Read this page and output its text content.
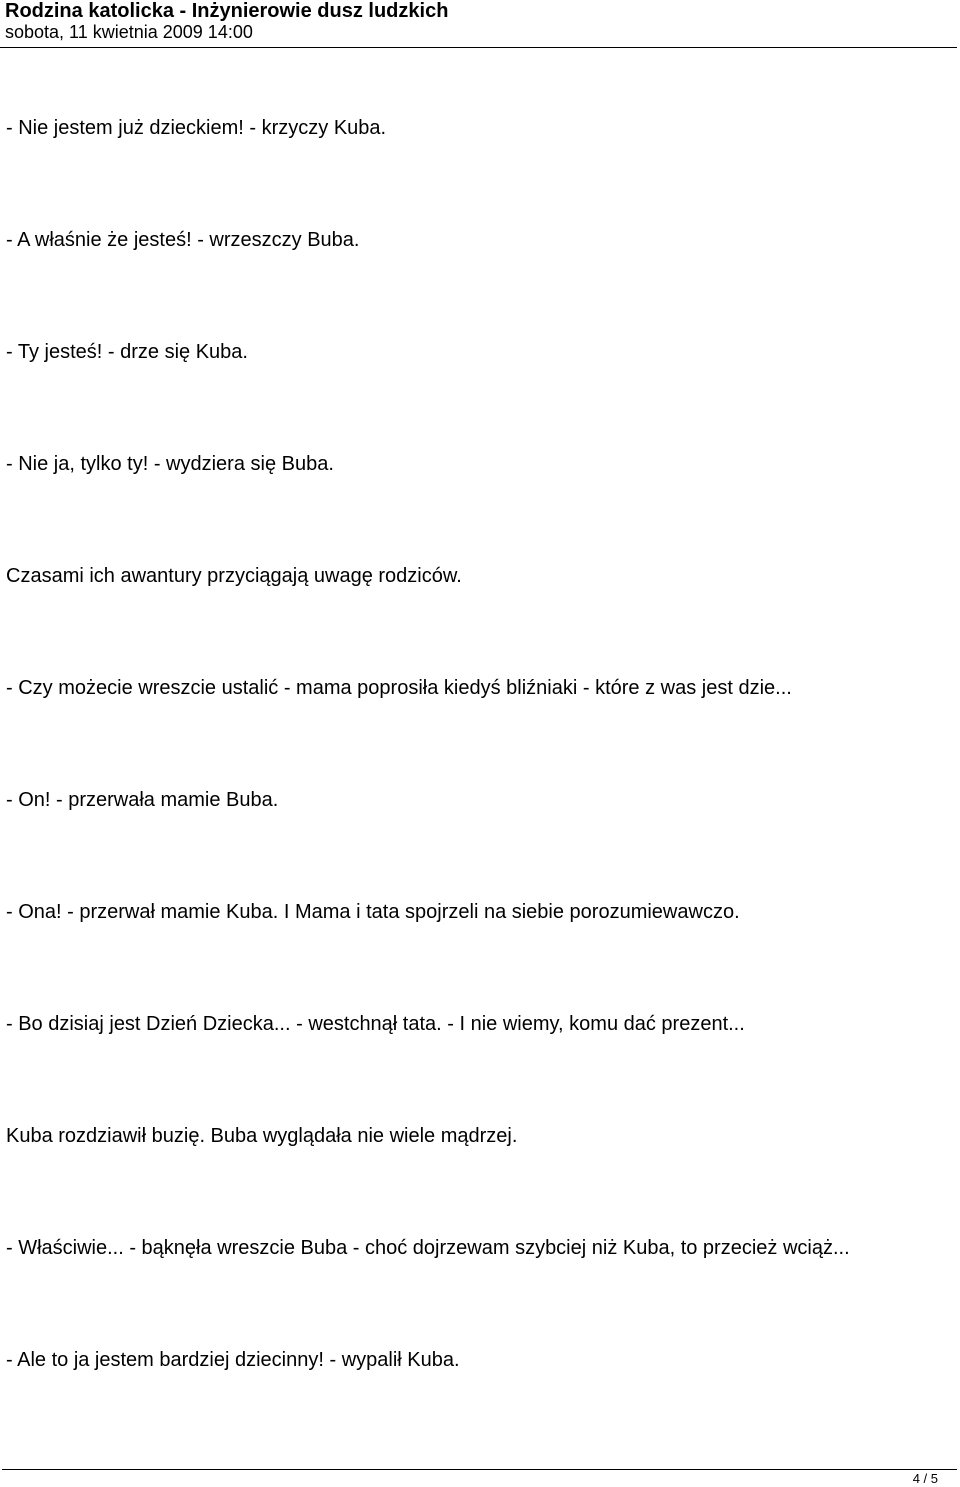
Rodzina katolicka - Inżynierowie dusz ludzkich
sobota, 11 kwietnia 2009 14:00

- Nie jestem już dzieckiem! - krzyczy Kuba.

- A właśnie że jesteś! - wrzeszczy Buba.

- Ty jesteś! - drze się Kuba.

- Nie ja, tylko ty! - wydziera się Buba.

Czasami ich awantury przyciągają uwagę rodziców.

- Czy możecie wreszcie ustalić - mama poprosiła kiedyś bliźniaki - które z was jest dzie...

- On! - przerwała mamie Buba.

- Ona! - przerwał mamie Kuba. I Mama i tata spojrzeli na siebie porozumiewawczo.

- Bo dzisiaj jest Dzień Dziecka... - westchnął tata. - I nie wiemy, komu dać prezent...

Kuba rozdziawił buzię. Buba wyglądała nie wiele mądrzej.

- Właściwie... - bąknęła wreszcie Buba - choć dojrzewam szybciej niż Kuba, to przecież wciąż...

- Ale to ja jestem bardziej dziecinny! - wypalił Kuba.

4 / 5
